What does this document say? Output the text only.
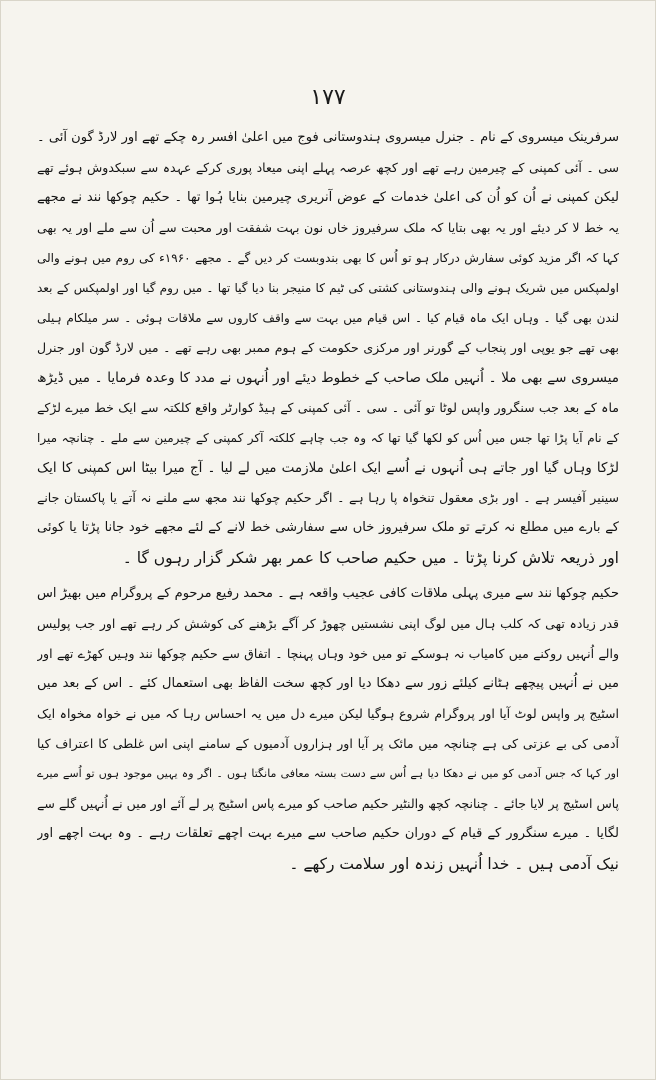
۱۷۷
سرفرینک میسروی کے نام ۔ جنرل میسروی ہندوستانی فوج میں اعلیٰ افسر رہ چکے تھے اور لارڈ گون آئی ۔
سی ۔ آئی کمپنی کے چیرمین رہے تھے اور کچھ عرصہ پہلے اپنی میعاد پوری کرکے عہدہ سے سبکدوش ہوئے تھے
لیکن کمپنی نے اُن کو اُن کی اعلیٰ خدمات کے عوض آنریری چیرمین بنایا ہُوا تھا ۔ حکیم چوکھا نند نے مجھے
یہ خط لا کر دیئے اور یہ بھی بتایا کہ ملک سرفیروز خاں نون بہت شفقت اور محبت سے اُن سے ملے اور یہ بھی
کہا کہ اگر مزید کوئی سفارش درکار ہو تو اُس کا بھی بندوبست کر دیں گے ۔ مجھے ۱۹۶۰ء کی روم میں ہونے والی
اولمپکس میں شریک ہونے والی ہندوستانی کشتی کی ٹیم کا منیجر بنا دیا گیا تھا ۔ میں روم گیا اور اولمپکس کے بعد
لندن بھی گیا ۔ وہاں ایک ماہ قیام کیا ۔ اس قیام میں بہت سے واقف کاروں سے ملاقات ہوئی ۔ سر میلکام ہیلی
بھی تھے جو یوپی اور پنجاب کے گورنر اور مرکزی حکومت کے ہوم ممبر بھی رہے تھے ۔ میں لارڈ گون اور جنرل
میسروی سے بھی ملا ۔ اُنہیں ملک صاحب کے خطوط دیئے اور اُنہوں نے مدد کا وعدہ فرمایا ۔ میں ڈیڑھ
ماہ کے بعد جب سنگرور واپس لوٹا تو آئی ۔ سی ۔ آئی کمپنی کے ہیڈ کوارٹر واقع کلکتہ سے ایک خط میرے لڑکے
کے نام آیا پڑا تھا جس میں اُس کو لکھا گیا تھا کہ وہ جب چاہے کلکتہ آکر کمپنی کے چیرمین سے ملے ۔ چنانچہ میرا
لڑکا وہاں گیا اور جاتے ہی اُنہوں نے اُسے ایک اعلیٰ ملازمت میں لے لیا ۔ آج میرا بیٹا اس کمپنی کا ایک
سینیر آفیسر ہے ۔ اور بڑی معقول تنخواہ پا رہا ہے ۔ اگر حکیم چوکھا نند مجھ سے ملنے نہ آتے یا پاکستان جانے
کے بارے میں مطلع نہ کرتے تو ملک سرفیروز خاں سے سفارشی خط لانے کے لئے مجھے خود جانا پڑتا یا کوئی
اور ذریعہ تلاش کرنا پڑتا ۔ میں حکیم صاحب کا عمر بھر شکر گزار رہوں گا ۔
حکیم چوکھا نند سے میری پہلی ملاقات کافی عجیب واقعہ ہے ۔ محمد رفیع مرحوم کے پروگرام میں بھیڑ اس
قدر زیادہ تھی کہ کلب ہال میں لوگ اپنی نشستیں چھوڑ کر آگے بڑھنے کی کوشش کر رہے تھے اور جب پولیس
والے اُنہیں روکنے میں کامیاب نہ ہوسکے تو میں خود وہاں پہنچا ۔ اتفاق سے حکیم چوکھا نند وہیں کھڑے تھے اور
میں نے اُنہیں پیچھے ہٹانے کیلئے زور سے دھکا دیا اور کچھ سخت الفاظ بھی استعمال کئے ۔ اس کے بعد میں
اسٹیج پر واپس لوٹ آیا اور پروگرام شروع ہوگیا لیکن میرے دل میں یہ احساس رہا کہ میں نے خواہ مخواہ ایک
آدمی کی بے عزتی کی ہے چنانچہ میں مائک پر آیا اور ہزاروں آدمیوں کے سامنے اپنی اس غلطی کا اعتراف کیا
اور کہا کہ جس آدمی کو میں نے دھکا دیا ہے اُس سے دست بستہ معافی مانگتا ہوں ۔ اگر وہ یہیں موجود ہوں تو اُسے میرے
پاس اسٹیج پر لایا جائے ۔ چنانچہ کچھ والنٹیر حکیم صاحب کو میرے پاس اسٹیج پر لے آئے اور میں نے اُنہیں گلے سے
لگایا ۔ میرے سنگرور کے قیام کے دوران حکیم صاحب سے میرے بہت اچھے تعلقات رہے ۔ وہ بہت اچھے اور
نیک آدمی ہیں ۔ خدا اُنہیں زندہ اور سلامت رکھے ۔
